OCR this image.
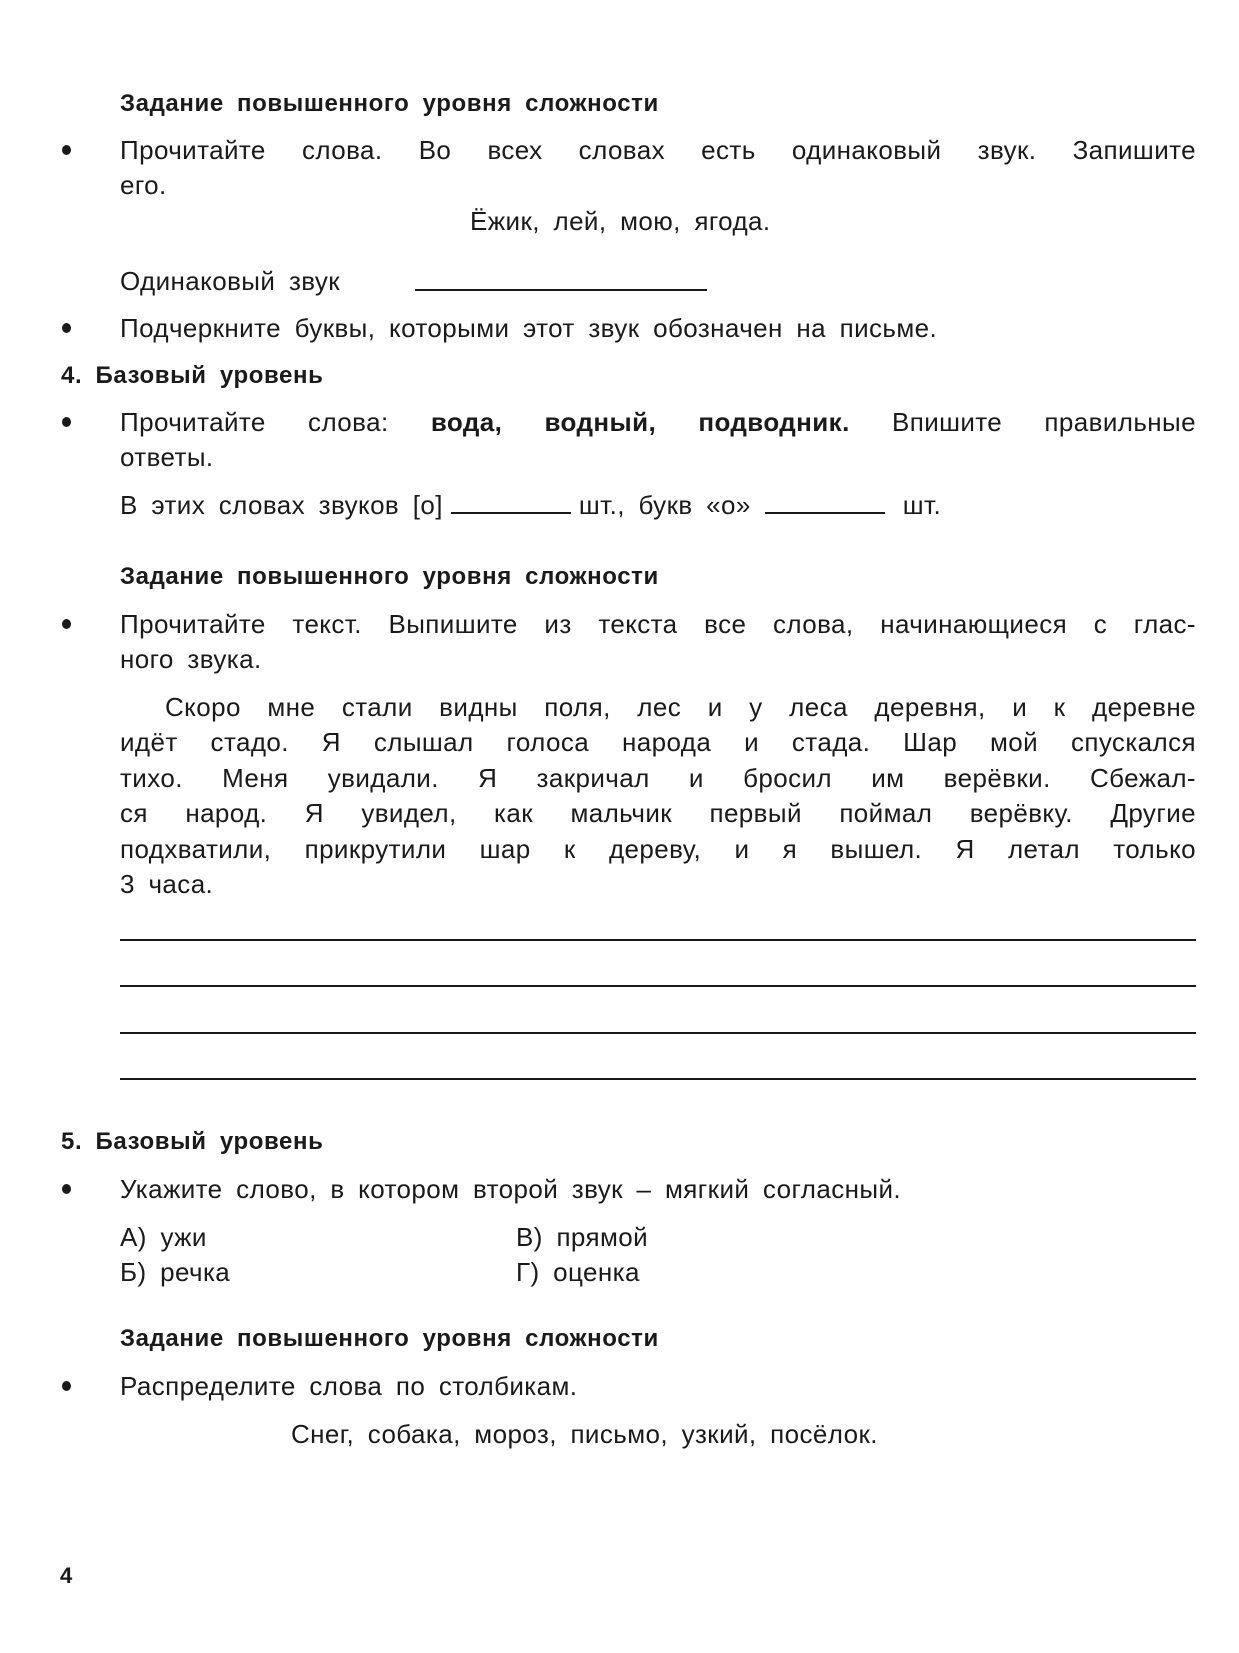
Задание повышенного уровня сложности
Прочитайте слова. Во всех словах есть одинаковый звук. Запишите
его.
Ёжик, лей, мою, ягода.
Одинаковый звук
Подчеркните буквы, которыми этот звук обозначен на письме.
4. Базовый уровень
Прочитайте слова: вода, водный, подводник. Впишите правильные
ответы.
В этих словах звуков [о]	шт., букв «о»	шт.
Задание повышенного уровня сложности
Прочитайте текст. Выпишите из текста все слова, начинающиеся с глас-
ного звука.
Скоро мне стали видны поля, лес и у леса деревня, и к деревне
идёт стадо. Я слышал голоса народа и стада. Шар мой спускался
тихо. Меня увидали. Я закричал и бросил им верёвки. Сбежал-
ся народ. Я увидел, как мальчик первый поймал верёвку. Другие
подхватили, прикрутили шар к дереву, и я вышел. Я летал только
3 часа.
5. Базовый уровень
Укажите слово, в котором второй звук – мягкий согласный.
А) ужи
Б) речка
В) прямой
Г) оценка
Задание повышенного уровня сложности
Распределите слова по столбикам.
Снег, собака, мороз, письмо, узкий, посёлок.
4
